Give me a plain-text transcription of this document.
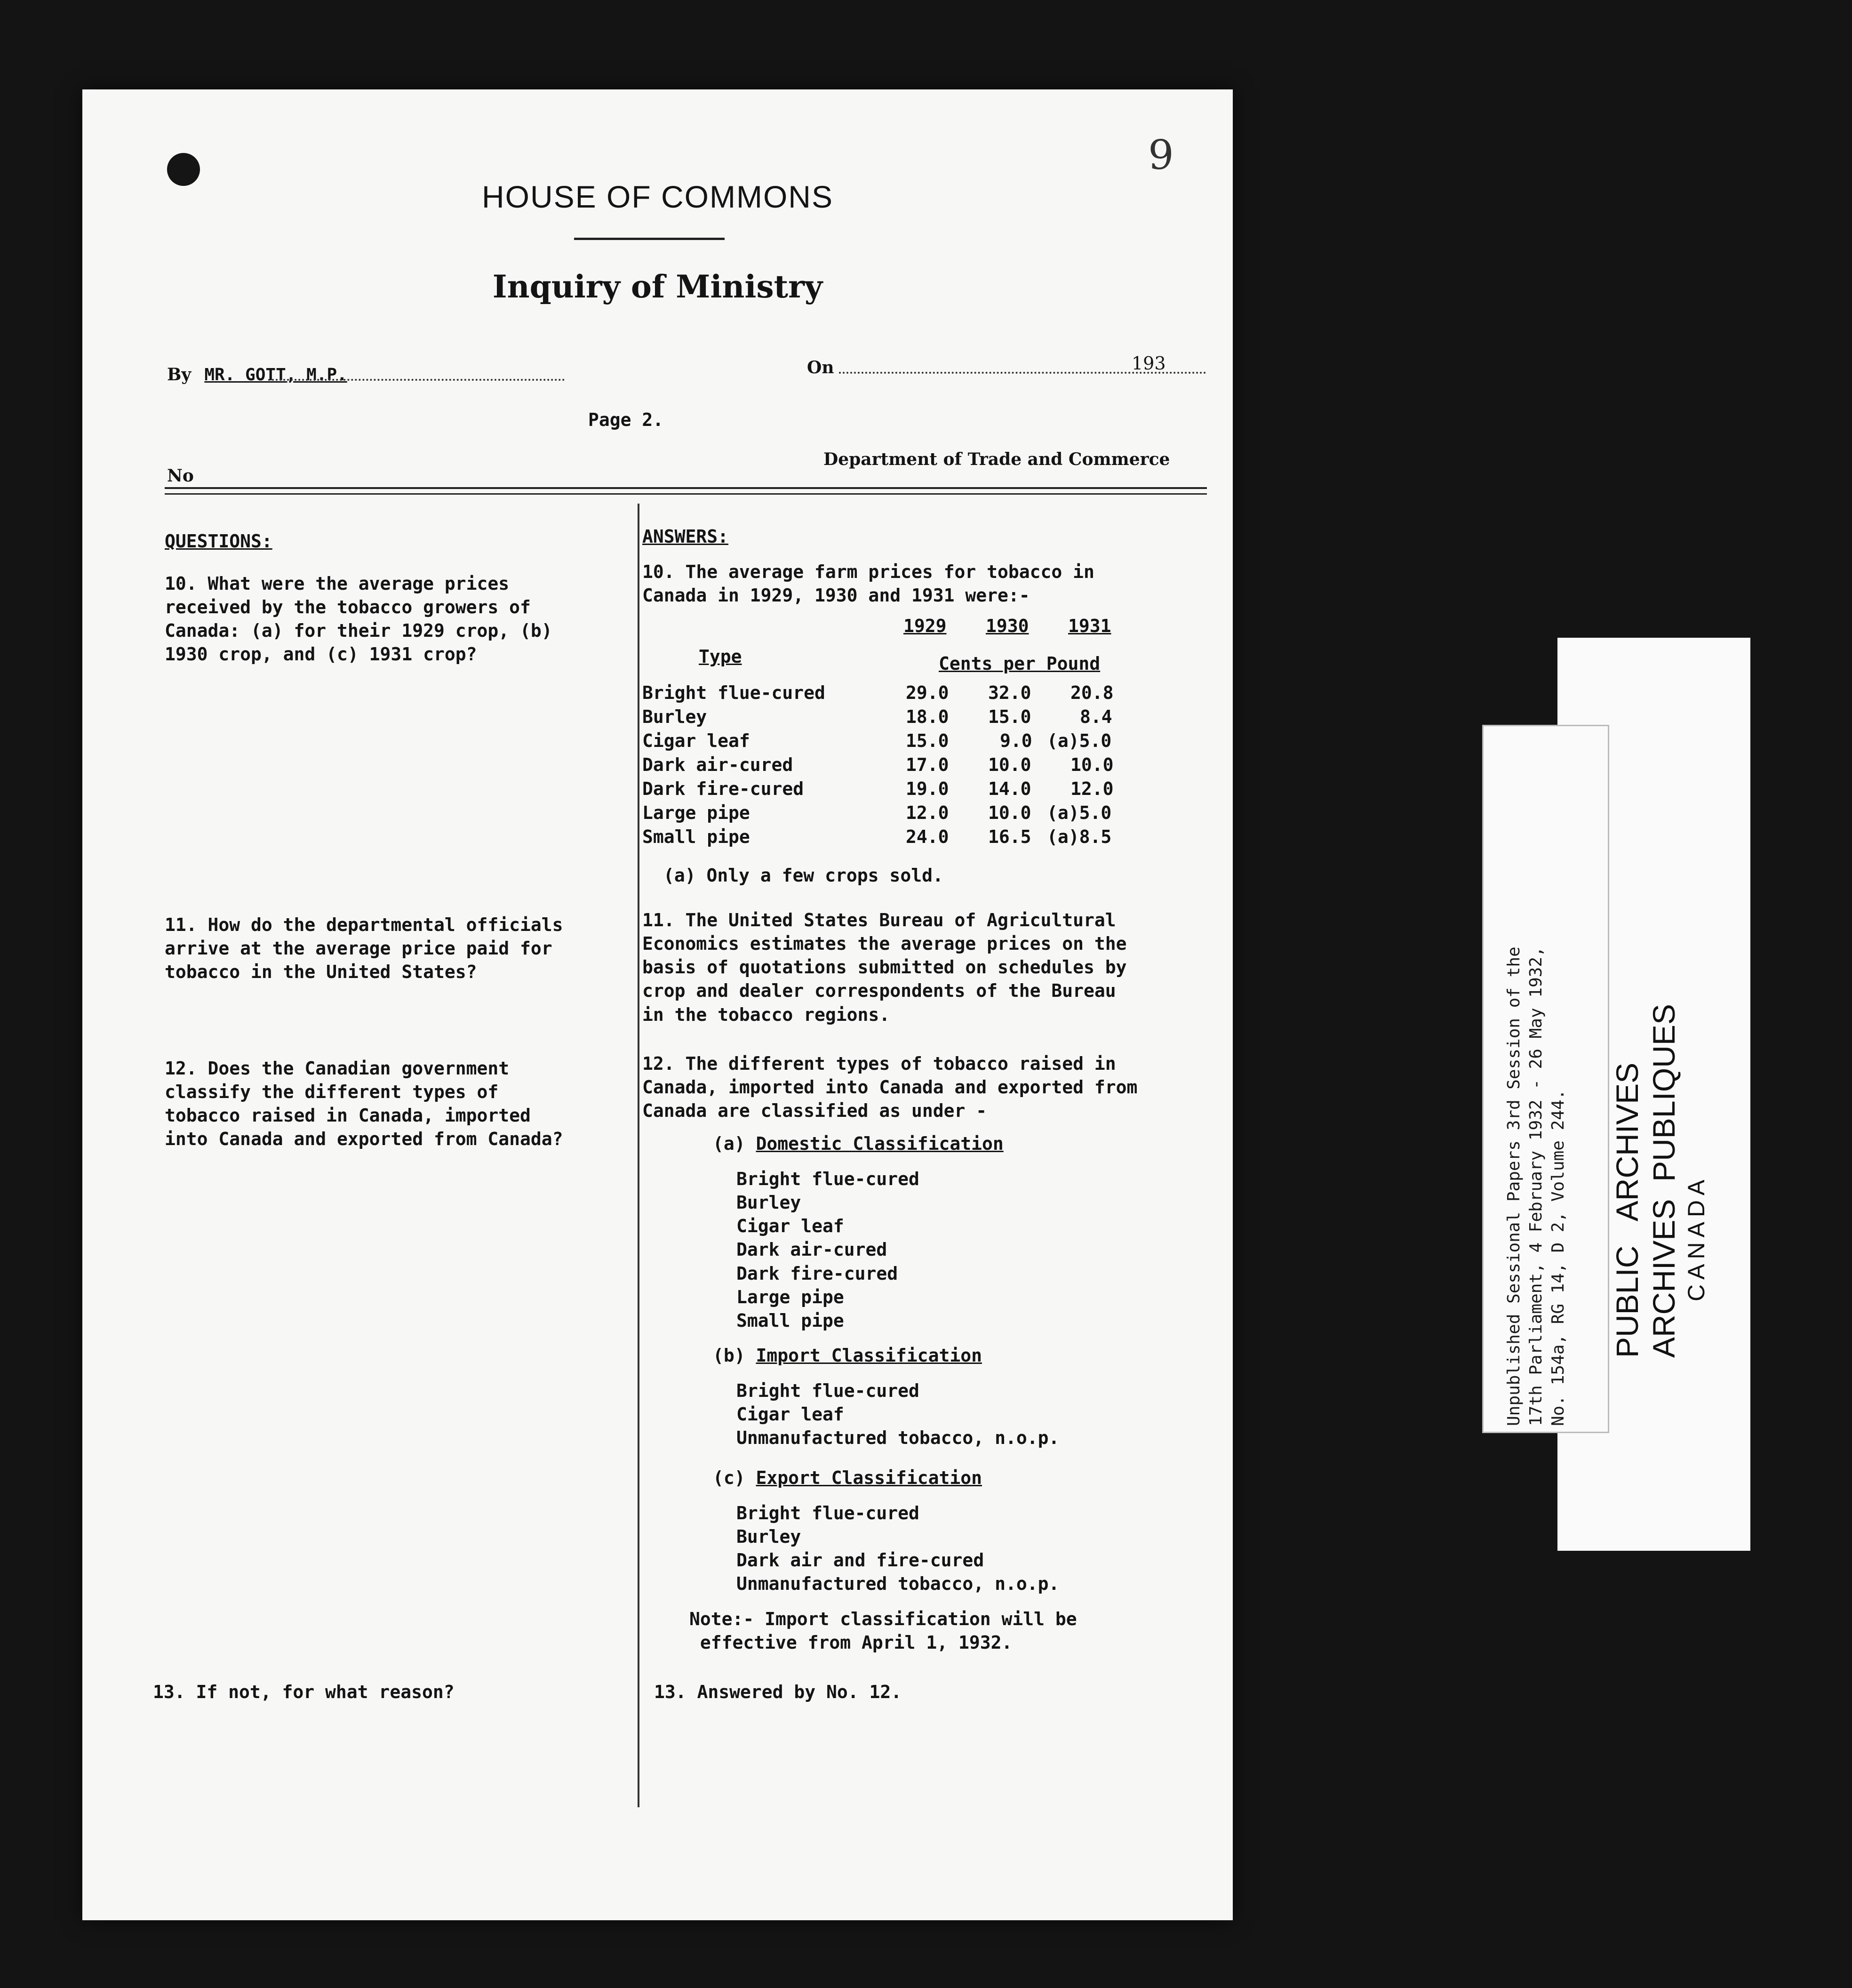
9
HOUSE OF COMMONS
Inquiry of Ministry
By MR. GOTT, M.P.	On	193
Page 2.
No
Department of Trade and Commerce
QUESTIONS:
10. What were the average prices
received by the tobacco growers of
Canada: (a) for their 1929 crop, (b)
1930 crop, and (c) 1931 crop?
11. How do the departmental officials
arrive at the average price paid for
tobacco in the United States?
12. Does the Canadian government
classify the different types of
tobacco raised in Canada, imported
into Canada and exported from Canada?
13. If not, for what reason?
ANSWERS:
10. The average farm prices for tobacco in
Canada in 1929, 1930 and 1931 were:-
1929 1930 1931
Type	Cents per Pound
Bright flue-cured	29.0 32.0 20.8
Burley	18.0 15.0	8.4
Cigar leaf	15.0	9.0 (a)5.0
Dark air-cured	17.0 10.0 10.0
Dark fire-cured	19.0 14.0 12.0
Large pipe	12.0 10.0 (a)5.0
Small pipe	24.0 16.5 (a)8.5
(a) Only a few crops sold.
11. The United States Bureau of Agricultural
Economics estimates the average prices on the
basis of quotations submitted on schedules by
crop and dealer correspondents of the Bureau
in the tobacco regions.
12. The different types of tobacco raised in
Canada, imported into Canada and exported from
Canada are classified as under -
(a) Domestic Classification
Bright flue-cured
Burley
Cigar leaf
Dark air-cured
Dark fire-cured
Large pipe
Small pipe
(b) Import Classification
Bright flue-cured
Cigar leaf
Unmanufactured tobacco, n.o.p.
(c) Export Classification
Bright flue-cured
Burley
Dark air and fire-cured
Unmanufactured tobacco, n.o.p.
Note:- Import classification will be
effective from April 1, 1932.
13. Answered by No. 12.
Unpublished Sessional Papers 3rd Session of the
17th Parliament, 4 February 1932 - 26 May 1932,
No. 154a, RG 14, D 2, Volume 244. PUBLIC   ARCHIVES ARCHIVES  PUBLIQUES CANADA
